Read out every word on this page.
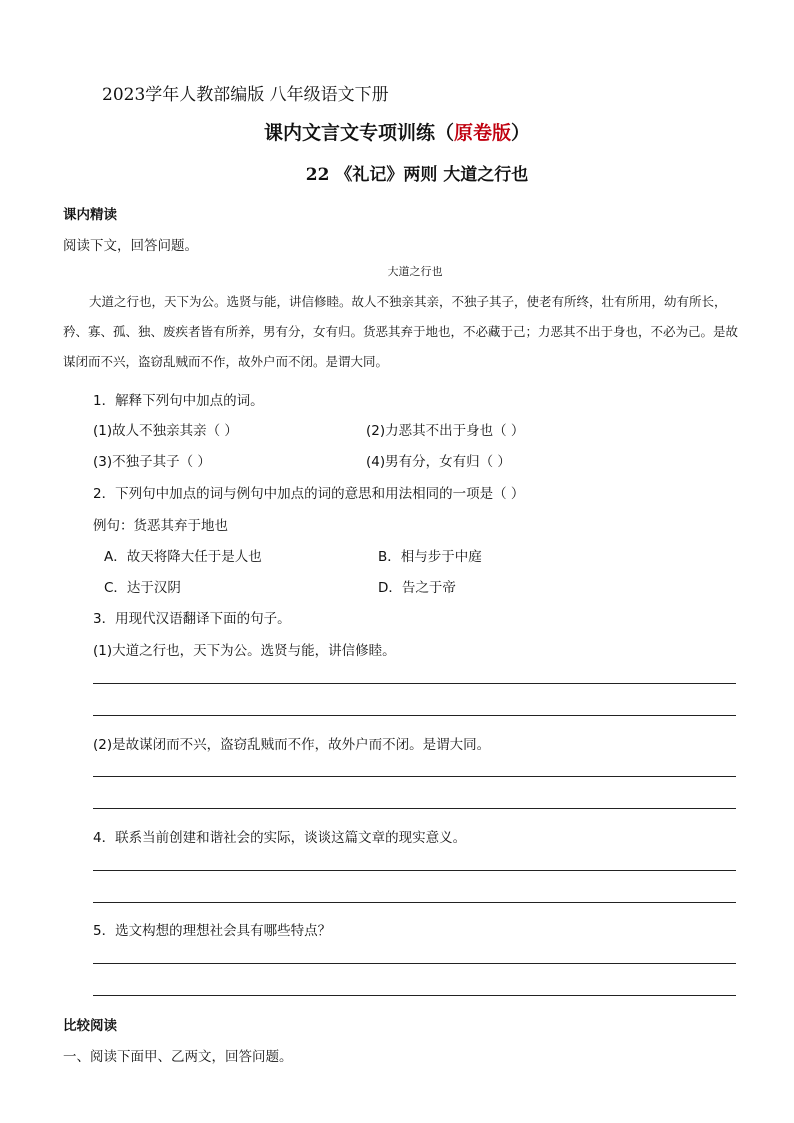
2023学年人教部编版 八年级语文下册
课内文言文专项训练（原卷版）
22 《礼记》两则 大道之行也
课内精读
阅读下文，回答问题。
大道之行也
大道之行也，天下为公。选贤与能，讲信修睦。故人不独亲其亲，不独子其子，使老有所终，壮有所用，幼有所长，矜、寡、孤、独、废疾者皆有所养，男有分，女有归。货恶其弃于地也，不必藏于己；力恶其不出于身也，不必为己。是故谋闭而不兴，盗窃乱贼而不作，故外户而不闭。是谓大同。
1．解释下列句中加点的词。
(1)故人不独亲其亲（ ）	(2)力恶其不出于身也（ ）
(3)不独子其子（ ）	(4)男有分，女有归（ ）
2．下列句中加点的词与例句中加点的词的意思和用法相同的一项是（ ）
例句：货恶其弃于地也
A．故天将降大任于是人也	B．相与步于中庭
C．达于汉阴	D．告之于帝
3．用现代汉语翻译下面的句子。
(1)大道之行也，天下为公。选贤与能，讲信修睦。
(2)是故谋闭而不兴，盗窃乱贼而不作，故外户而不闭。是谓大同。
4．联系当前创建和谐社会的实际，谈谈这篇文章的现实意义。
5．选文构想的理想社会具有哪些特点？
比较阅读
一、阅读下面甲、乙两文，回答问题。
